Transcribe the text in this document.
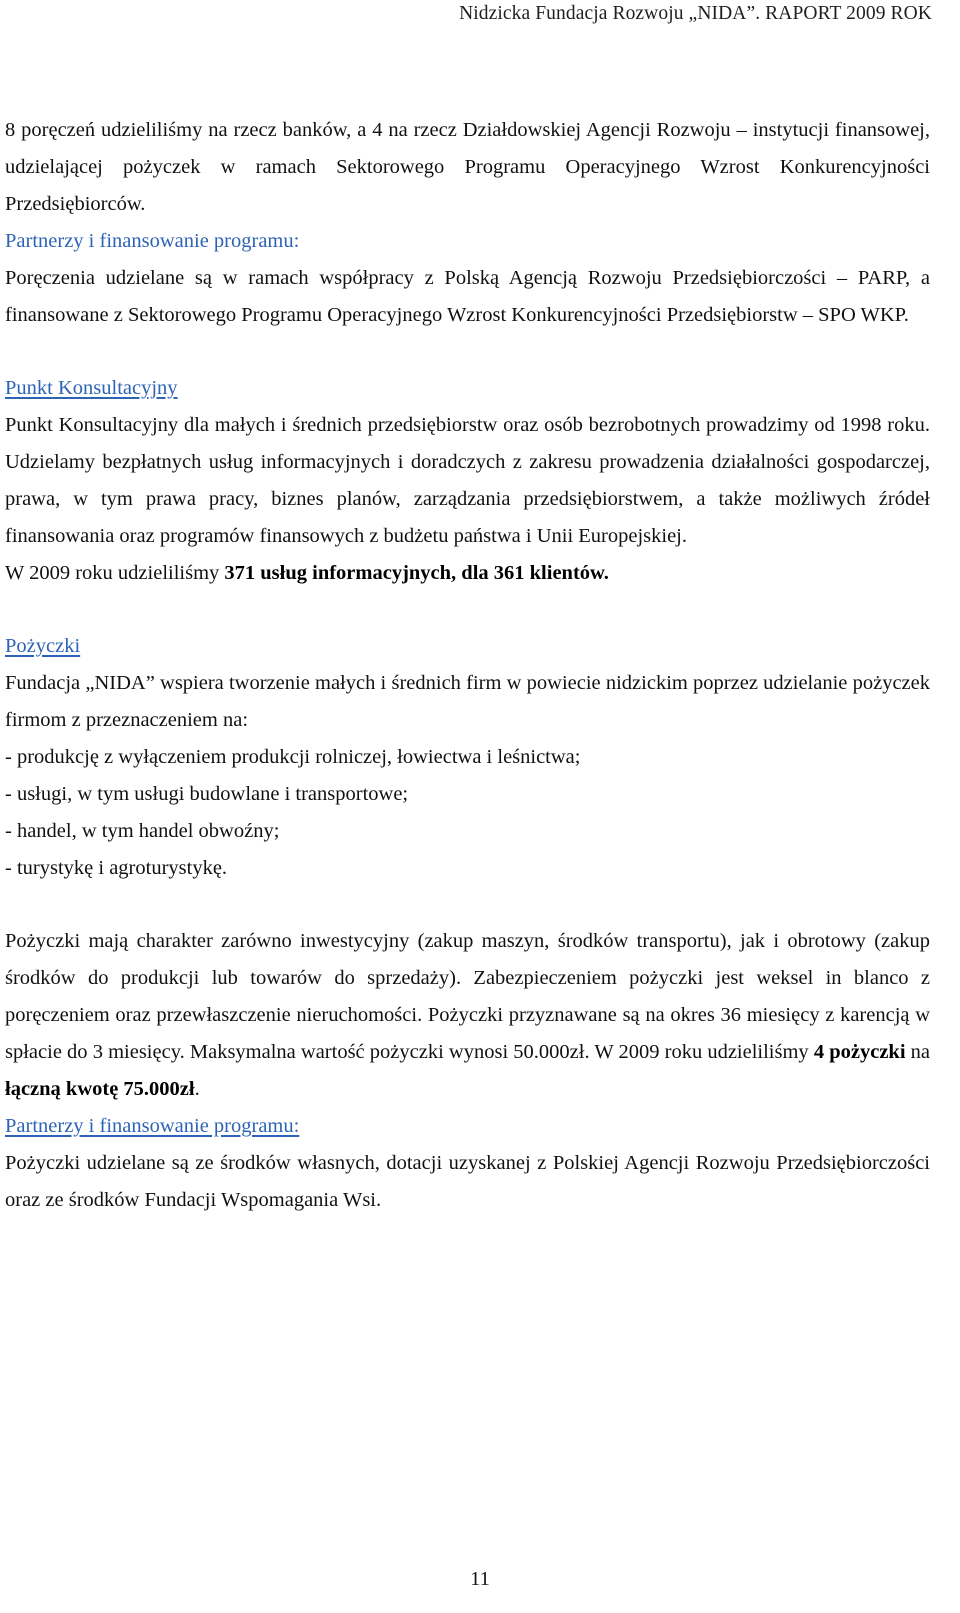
Nidzicka Fundacja Rozwoju „NIDA”. RAPORT 2009 ROK

8 poręczeń udzieliliśmy na rzecz banków, a 4 na rzecz Działdowskiej Agencji Rozwoju – instytucji finansowej, udzielającej pożyczek w ramach Sektorowego Programu Operacyjnego Wzrost Konkurencyjności Przedsiębiorców.

Partnerzy i finansowanie programu:

Poręczenia udzielane są w ramach współpracy z Polską Agencją Rozwoju Przedsiębiorczości – PARP, a finansowane z Sektorowego Programu Operacyjnego Wzrost Konkurencyjności Przedsiębiorstw – SPO WKP.

Punkt Konsultacyjny

Punkt Konsultacyjny dla małych i średnich przedsiębiorstw oraz osób bezrobotnych prowadzimy od 1998 roku. Udzielamy bezpłatnych usług informacyjnych i doradczych z zakresu prowadzenia działalności gospodarczej, prawa, w tym prawa pracy, biznes planów, zarządzania przedsiębiorstwem, a także możliwych źródeł finansowania oraz programów finansowych z budżetu państwa i Unii Europejskiej.

W 2009 roku udzieliliśmy 371 usług informacyjnych, dla 361 klientów.

Pożyczki

Fundacja „NIDA” wspiera tworzenie małych i średnich firm w powiecie nidzickim poprzez udzielanie pożyczek firmom z przeznaczeniem na:

- produkcję z wyłączeniem produkcji rolniczej, łowiectwa i leśnictwa;

- usługi, w tym usługi budowlane i transportowe;

- handel, w tym handel obwoźny;

- turystykę i agroturystykę.

Pożyczki mają charakter zarówno inwestycyjny (zakup maszyn, środków transportu), jak i obrotowy (zakup środków do produkcji lub towarów do sprzedaży). Zabezpieczeniem pożyczki jest weksel in blanco z poręczeniem oraz przewłaszczenie nieruchomości. Pożyczki przyznawane są na okres 36 miesięcy z karencją w spłacie do 3 miesięcy. Maksymalna wartość pożyczki wynosi 50.000zł. W 2009 roku udzieliliśmy 4 pożyczki na łączną kwotę 75.000zł.

Partnerzy i finansowanie programu:

Pożyczki udzielane są ze środków własnych, dotacji uzyskanej z Polskiej Agencji Rozwoju Przedsiębiorczości oraz ze środków Fundacji Wspomagania Wsi.

11
